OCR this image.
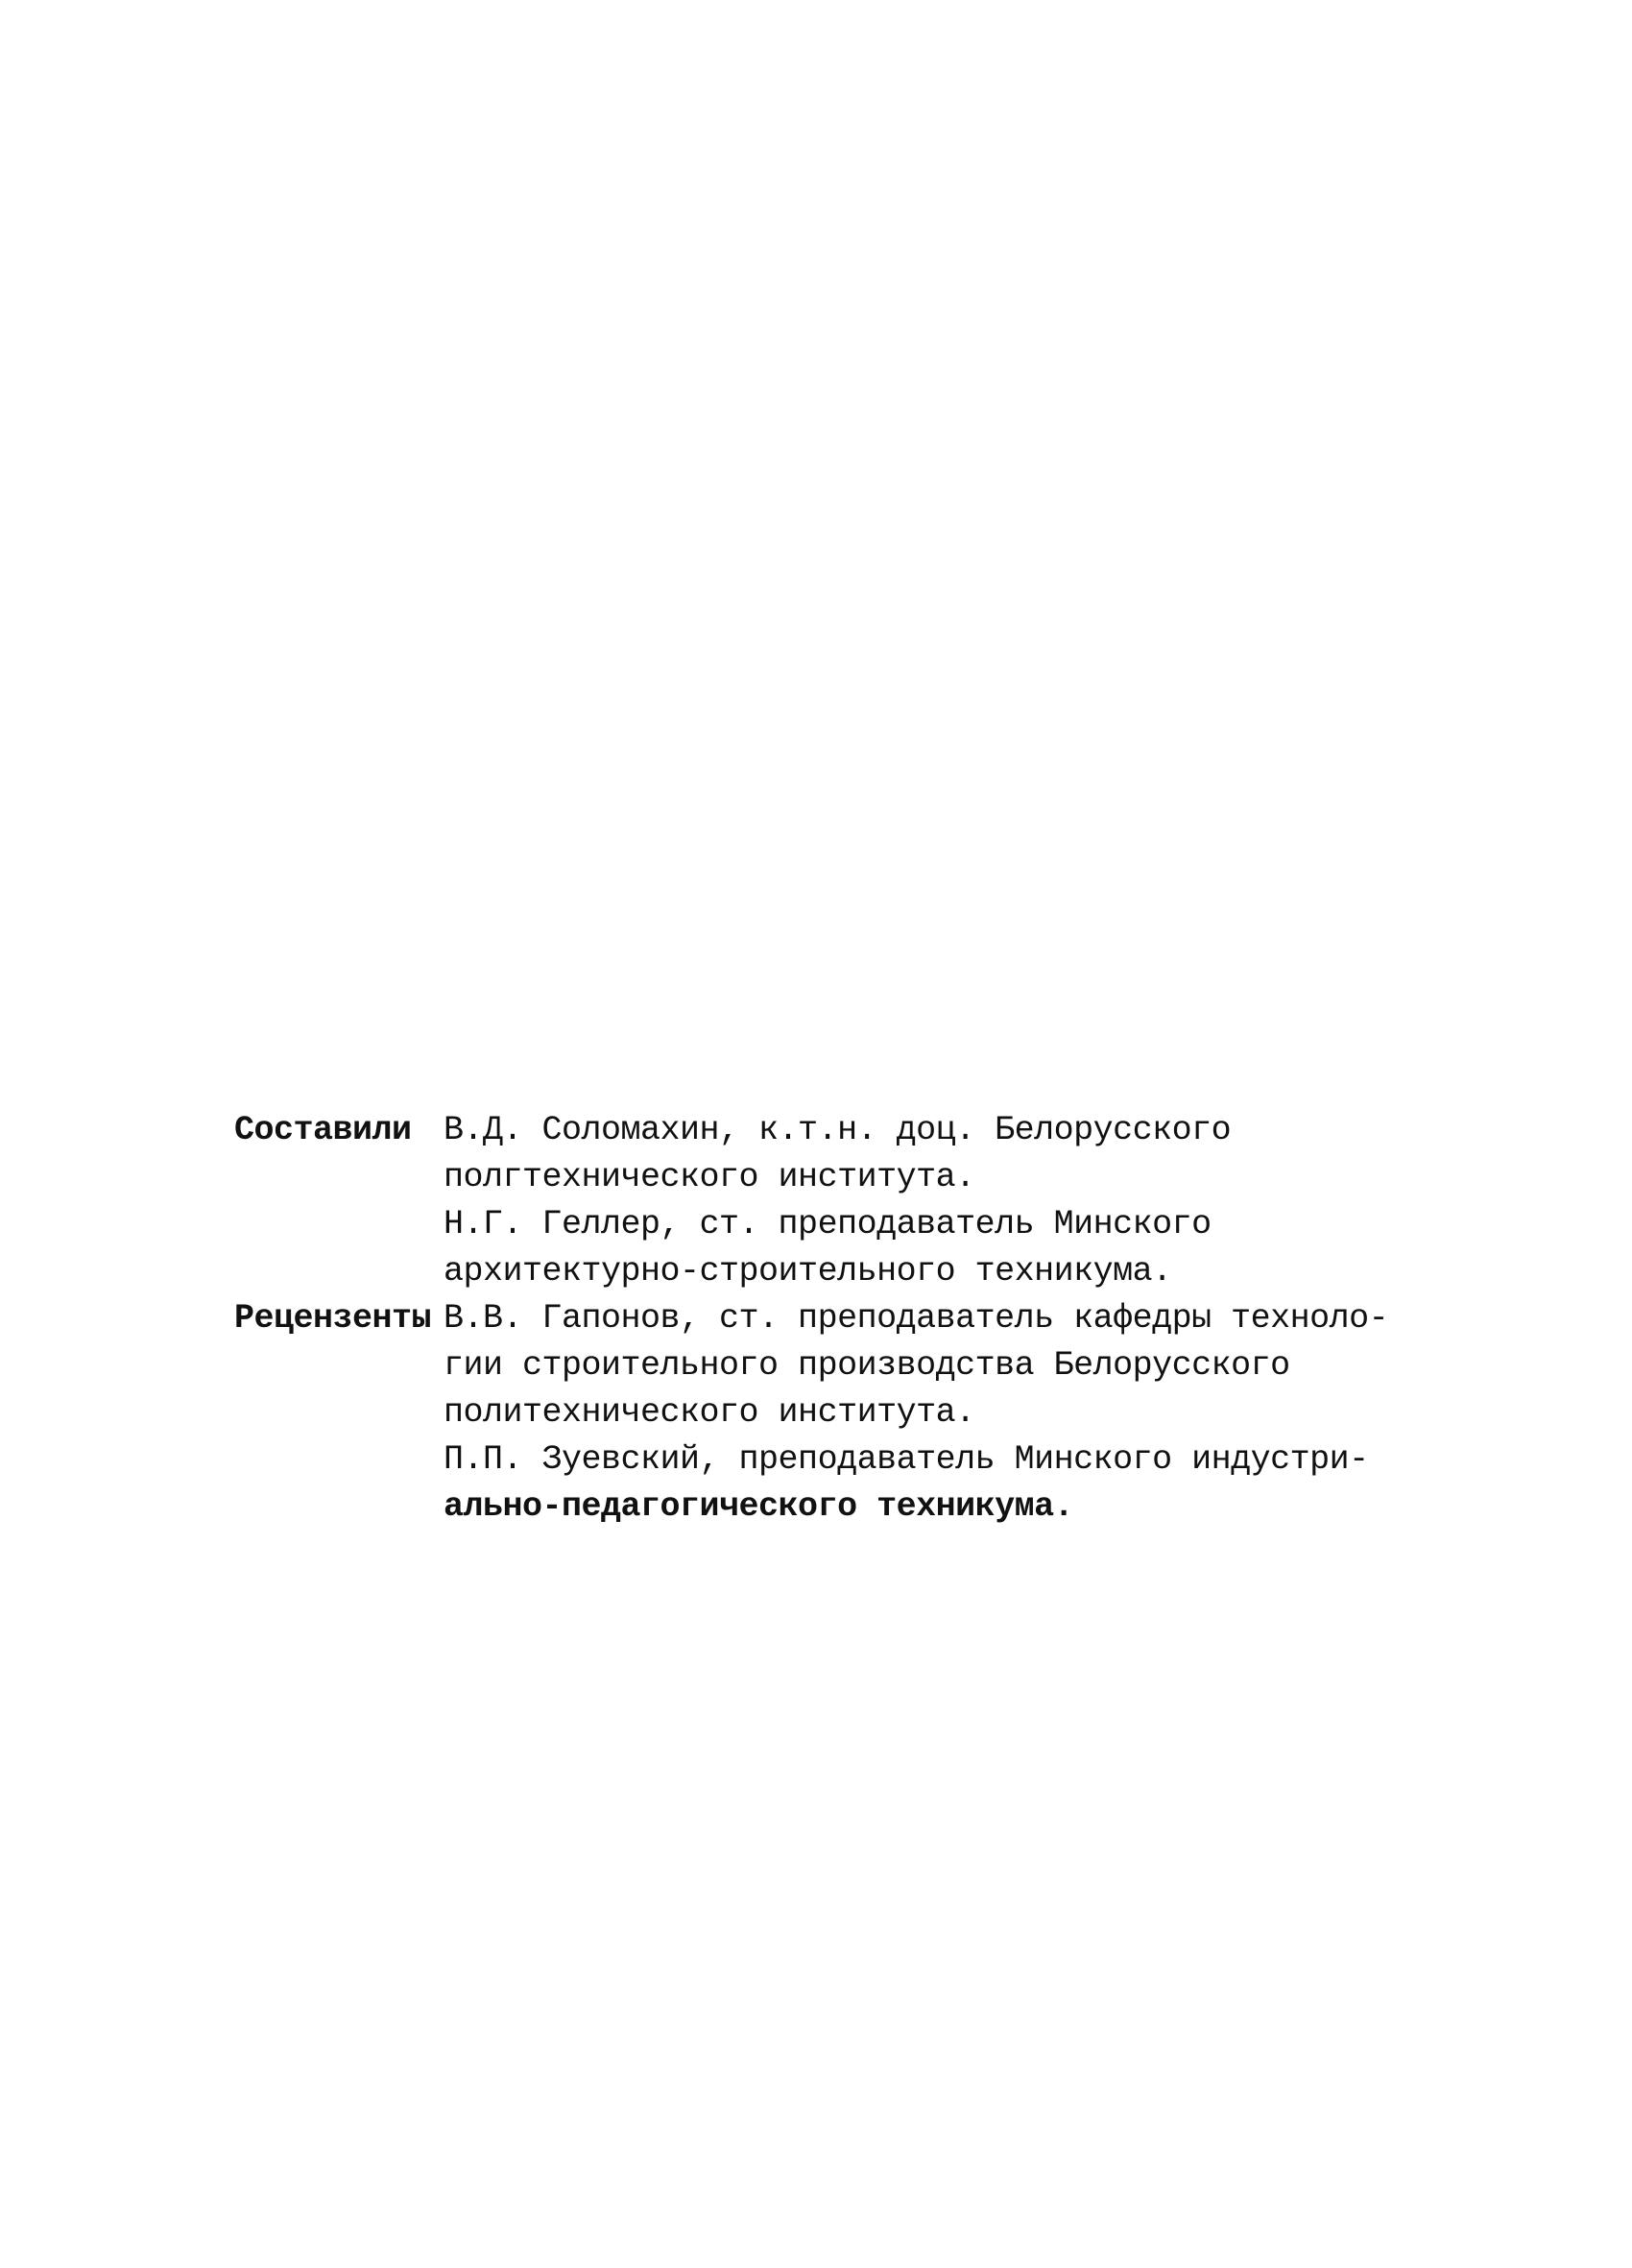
Составили В.Д. Соломахин, к.т.н. доц. Белорусского
полгтехнического института.
Н.Г. Геллер, ст. преподаватель Минского
архитектурно-строительного техникума.
Рецензенты В.В. Гапонов, ст. преподаватель кафедры техноло-
гии строительного производства Белорусского
политехнического института.
П.П. Зуевский, преподаватель Минского индустри-
ально-педагогического техникума.
